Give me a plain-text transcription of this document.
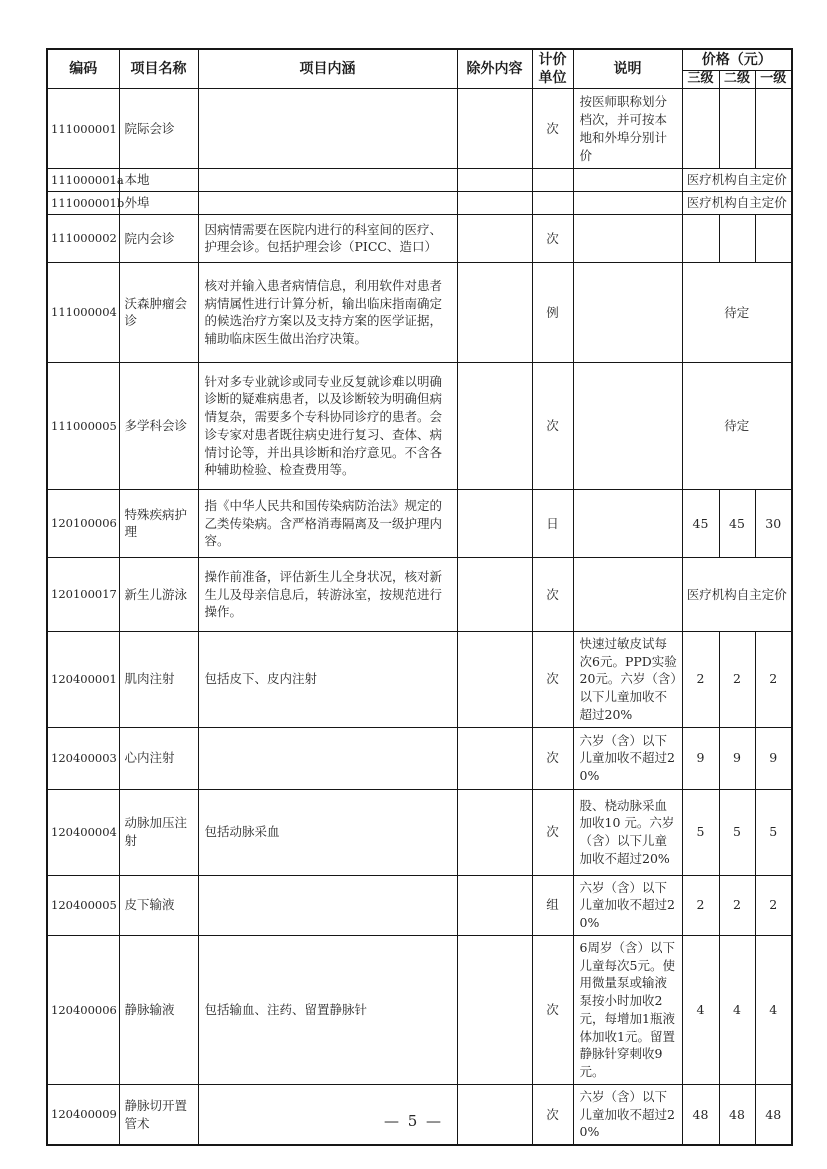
编码	项目名称	项目内涵	除外内容	计价单位	说明	价格（元）		
						三级	二级	一级
111000001	院际会诊			次	按医师职称划分档次，并可按本地和外埠分别计价			
111000001a	本地					医疗机构自主定价		
111000001b	外埠					医疗机构自主定价		
111000002	院内会诊	因病情需要在医院内进行的科室间的医疗、护理会诊。包括护理会诊（PICC、造口）		次				
111000004	沃森肿瘤会诊	核对并输入患者病情信息，利用软件对患者病情属性进行计算分析，输出临床指南确定的候选治疗方案以及支持方案的医学证据，辅助临床医生做出治疗决策。		例		待定		
111000005	多学科会诊	针对多专业就诊或同专业反复就诊难以明确诊断的疑难病患者，以及诊断较为明确但病情复杂，需要多个专科协同诊疗的患者。会诊专家对患者既往病史进行复习、查体、病情讨论等，并出具诊断和治疗意见。不含各种辅助检验、检查费用等。		次		待定		
120100006	特殊疾病护理	指《中华人民共和国传染病防治法》规定的乙类传染病。含严格消毒隔离及一级护理内容。		日		45	45	30
120100017	新生儿游泳	操作前准备，评估新生儿全身状况，核对新生儿及母亲信息后，转游泳室，按规范进行操作。		次		医疗机构自主定价		
120400001	肌肉注射	包括皮下、皮内注射		次	快速过敏皮试每次6元。PPD实验20元。六岁（含）以下儿童加收不超过20%	2	2	2
120400003	心内注射			次	六岁（含）以下儿童加收不超过20%	9	9	9
120400004	动脉加压注射	包括动脉采血		次	股、桡动脉采血加收10 元。六岁（含）以下儿童加收不超过20%	5	5	5
120400005	皮下输液			组	六岁（含）以下儿童加收不超过20%	2	2	2
120400006	静脉输液	包括输血、注药、留置静脉针		次	6周岁（含）以下儿童每次5元。使用微量泵或输液泵按小时加收2元，每增加1瓶液体加收1元。留置静脉针穿刺收9元。	4	4	4
120400009	静脉切开置管术			次	六岁（含）以下儿童加收不超过20%	48	48	48
— 5 —
